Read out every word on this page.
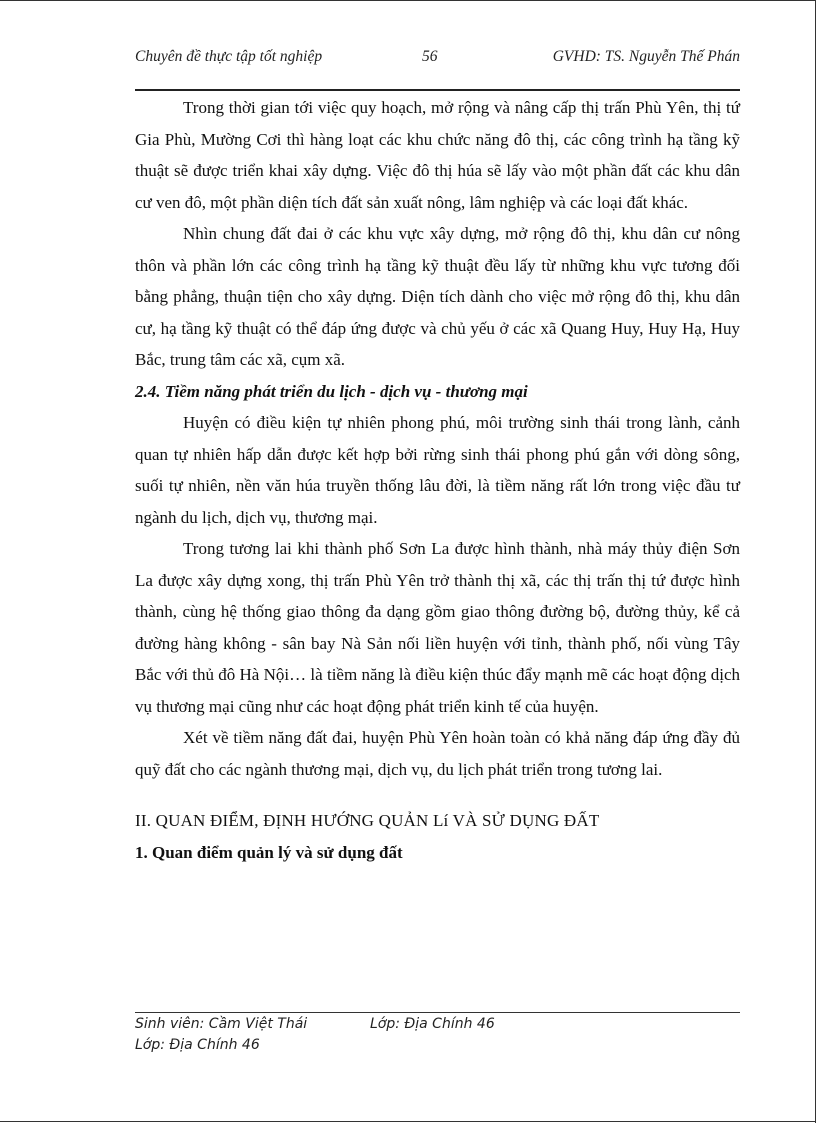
Chuyên đề thực tập tốt nghiệp	56	GVHD: TS. Nguyễn Thế Phán

Trong thời gian tới việc quy hoạch, mở rộng và nâng cấp thị trấn Phù Yên, thị tứ Gia Phù, Mường Cơi thì hàng loạt các khu chức năng đô thị, các công trình hạ tầng kỹ thuật sẽ được triển khai xây dựng. Việc đô thị húa sẽ lấy vào một phần đất các khu dân cư ven đô, một phần diện tích đất sản xuất nông, lâm nghiệp và các loại đất khác.

Nhìn chung đất đai ở các khu vực xây dựng, mở rộng đô thị, khu dân cư nông thôn và phần lớn các công trình hạ tầng kỹ thuật đều lấy từ những khu vực tương đối bằng phẳng, thuận tiện cho xây dựng. Diện tích dành cho việc mở rộng đô thị, khu dân cư, hạ tầng kỹ thuật có thể đáp ứng được và chủ yếu ở các xã Quang Huy, Huy Hạ, Huy Bắc, trung tâm các xã, cụm xã.

2.4. Tiềm năng phát triển du lịch - dịch vụ - thương mại

Huyện có điều kiện tự nhiên phong phú, môi trường sinh thái trong lành, cảnh quan tự nhiên hấp dẫn được kết hợp bởi rừng sinh thái phong phú gắn với dòng sông, suối tự nhiên, nền văn húa truyền thống lâu đời, là tiềm năng rất lớn trong việc đầu tư ngành du lịch, dịch vụ, thương mại.

Trong tương lai khi thành phố Sơn La được hình thành, nhà máy thủy điện Sơn La được xây dựng xong, thị trấn Phù Yên trở thành thị xã, các thị trấn thị tứ được hình thành, cùng hệ thống giao thông đa dạng gồm giao thông đường bộ, đường thủy, kể cả đường hàng không - sân bay Nà Sản nối liền huyện với tỉnh, thành phố, nối vùng Tây Bắc với thủ đô Hà Nội… là tiềm năng là điều kiện thúc đẩy mạnh mẽ các hoạt động dịch vụ thương mại cũng như các hoạt động phát triển kinh tế của huyện.

Xét về tiềm năng đất đai, huyện Phù Yên hoàn toàn có khả năng đáp ứng đầy đủ quỹ đất cho các ngành thương mại, dịch vụ, du lịch phát triển trong tương lai.

II. QUAN ĐIỂM, ĐỊNH HƯỚNG QUẢN Lí VÀ SỬ DỤNG ĐẤT

1. Quan điểm quản lý và sử dụng đất

Sinh viên: Cầm Việt Thái	Lớp: Địa Chính 46
Lớp: Địa Chính 46
